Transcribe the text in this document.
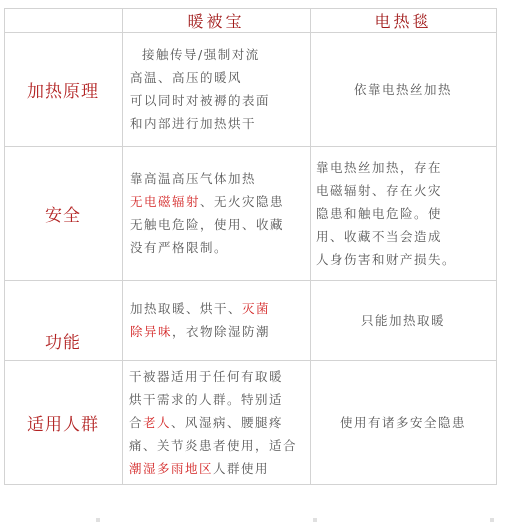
暖被宝	电热毯
加热原理
接触传导/强制对流
高温、高压的暖风
可以同时对被褥的表面
和内部进行加热烘干
依靠电热丝加热
安全
靠高温高压气体加热
无电磁辐射、无火灾隐患
无触电危险，使用、收藏
没有严格限制。
靠电热丝加热，存在
电磁辐射、存在火灾
隐患和触电危险。使
用、收藏不当会造成
人身伤害和财产损失。
功能
加热取暖、烘干、灭菌
除异味，衣物除湿防潮
只能加热取暖
适用人群
干被器适用于任何有取暖
烘干需求的人群。特别适
合老人、风湿病、腰腿疼
痛、关节炎患者使用，适合
潮湿多雨地区人群使用
使用有诸多安全隐患
